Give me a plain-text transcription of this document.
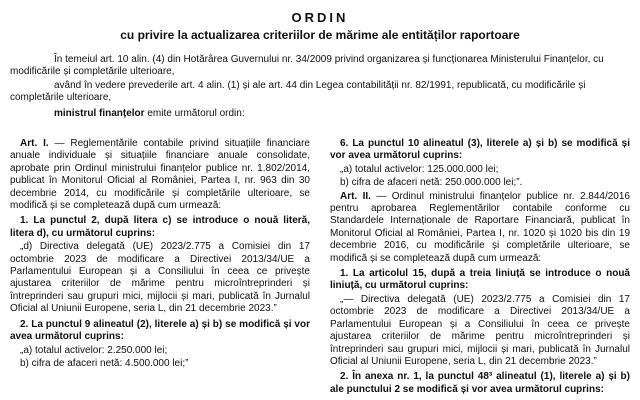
ORDIN
cu privire la actualizarea criteriilor de mărime ale entităților raportoare

În temeiul art. 10 alin. (4) din Hotărârea Guvernului nr. 34/2009 privind organizarea și funcționarea Ministerului Finanțelor, cu modificările și completările ulterioare,

având în vedere prevederile art. 4 alin. (1) și ale art. 44 din Legea contabilității nr. 82/1991, republicată, cu modificările și completările ulterioare,

ministrul finanțelor emite următorul ordin:

Art. I. — Reglementările contabile privind situațiile financiare anuale individuale și situațiile financiare anuale consolidate, aprobate prin Ordinul ministrului finanțelor publice nr. 1.802/2014, publicat în Monitorul Oficial al României, Partea I, nr. 963 din 30 decembrie 2014, cu modificările și completările ulterioare, se modifică și se completează după cum urmează:

1. La punctul 2, după litera c) se introduce o nouă literă, litera d), cu următorul cuprins:

„d) Directiva delegată (UE) 2023/2.775 a Comisiei din 17 octombrie 2023 de modificare a Directivei 2013/34/UE a Parlamentului European și a Consiliului în ceea ce privește ajustarea criteriilor de mărime pentru microîntreprinderi și întreprinderi sau grupuri mici, mijlocii și mari, publicată în Jurnalul Oficial al Uniunii Europene, seria L, din 21 decembrie 2023.”

2. La punctul 9 alineatul (2), literele a) și b) se modifică și vor avea următorul cuprins:

„a) totalul activelor: 2.250.000 lei;

b) cifra de afaceri netă: 4.500.000 lei;”

6. La punctul 10 alineatul (3), literele a) și b) se modifică și vor avea următorul cuprins:

„a) totalul activelor: 125.000.000 lei;

b) cifra de afaceri netă: 250.000.000 lei;”.

Art. II. — Ordinul ministrului finanțelor publice nr. 2.844/2016 pentru aprobarea Reglementărilor contabile conforme cu Standardele Internaționale de Raportare Financiară, publicat în Monitorul Oficial al României, Partea I, nr. 1020 și 1020 bis din 19 decembrie 2016, cu modificările și completările ulterioare, se modifică și se completează după cum urmează:

1. La articolul 15, după a treia liniuță se introduce o nouă liniuță, cu următorul cuprins:

„— Directiva delegată (UE) 2023/2.775 a Comisiei din 17 octombrie 2023 de modificare a Directivei 2013/34/UE a Parlamentului European și a Consiliului în ceea ce privește ajustarea criteriilor de mărime pentru microîntreprinderi și întreprinderi sau grupuri mici, mijlocii și mari, publicată în Jurnalul Oficial al Uniunii Europene, seria L, din 21 decembrie 2023.”

2. În anexa nr. 1, la punctul 48³ alineatul (1), literele a) și b) ale punctului 2 se modifică și vor avea următorul cuprins:
